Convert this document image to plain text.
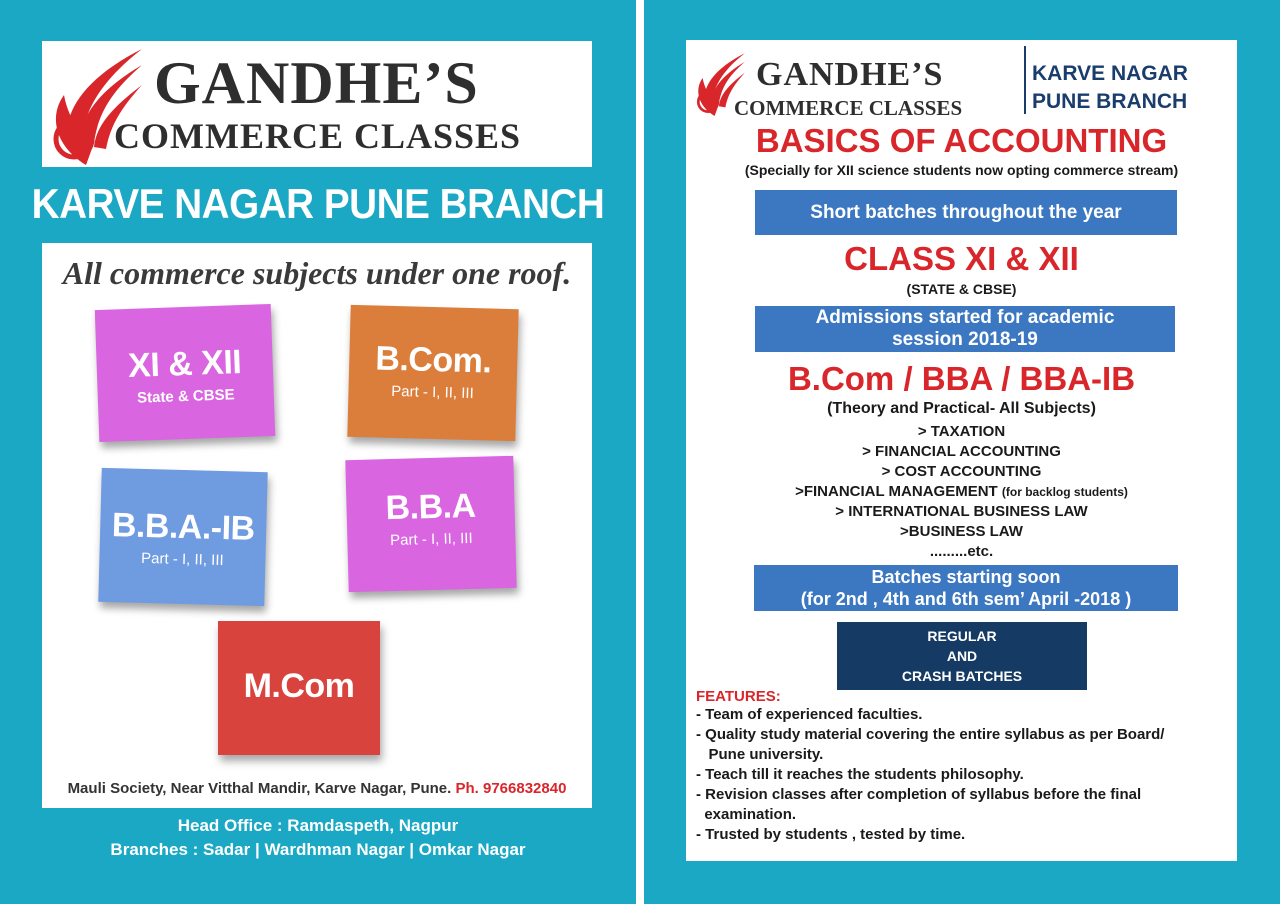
GANDHE’S
COMMERCE CLASSES
KARVE NAGAR PUNE BRANCH
All commerce subjects under one roof.
XI & XII
State & CBSE
B.Com.
Part - I, II, III
B.B.A.-IB
Part - I, II, III
B.B.A
Part - I, II, III
M.Com
Mauli Society, Near Vitthal Mandir, Karve Nagar, Pune. Ph. 9766832840
Head Office : Ramdaspeth, Nagpur
Branches : Sadar | Wardhman Nagar | Omkar Nagar
GANDHE’S
COMMERCE CLASSES
KARVE NAGAR
PUNE BRANCH
BASICS OF ACCOUNTING
(Specially for XII science students now opting commerce stream)
Short batches throughout the year
CLASS XI & XII
(STATE & CBSE)
Admissions started for academic
session 2018-19
B.Com / BBA / BBA-IB
(Theory and Practical- All Subjects)
> TAXATION
> FINANCIAL ACCOUNTING
> COST ACCOUNTING
>FINANCIAL MANAGEMENT (for backlog students)
> INTERNATIONAL BUSINESS LAW
>BUSINESS LAW
.........etc.
Batches starting soon
(for 2nd , 4th and 6th sem’ April -2018 )
REGULAR
AND
CRASH BATCHES
FEATURES:
- Team of experienced faculties.
- Quality study material covering the entire syllabus as per Board/
Pune university.
- Teach till it reaches the students philosophy.
- Revision classes after completion of syllabus before the final
examination.
- Trusted by students , tested by time.
